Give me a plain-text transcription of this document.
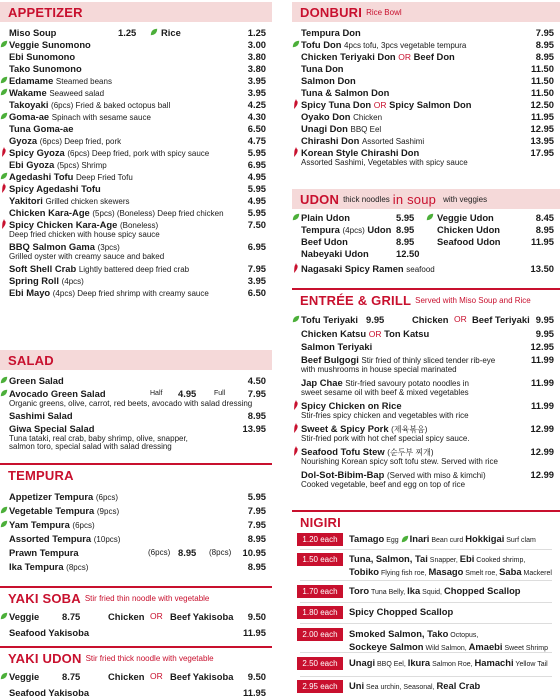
APPETIZER
Miso Soup	1.25	Rice	1.25
Veggie Sunomono	3.00
Ebi Sunomono	3.80
Tako Sunomono	3.80
Edamame Steamed beans	3.95
Wakame Seaweed salad	3.95
Takoyaki (6pcs) Fried & baked octopus ball	4.25
Goma-ae Spinach with sesame sauce	4.30
Tuna Goma-ae	6.50
Gyoza (6pcs) Deep fried, pork	4.75
Spicy Gyoza (6pcs) Deep fried, pork with spicy sauce	5.95
Ebi Gyoza (5pcs) Shrimp	6.95
Agedashi Tofu Deep Fried Tofu	4.95
Spicy Agedashi Tofu	5.95
Yakitori Grilled chicken skewers	4.95
Chicken Kara-Age (5pcs) (Boneless) Deep fried chicken	5.95
Spicy Chicken Kara-Age (Boneless)	7.50
Deep fried chicken with house spicy sauce
BBQ Salmon Gama (3pcs)	6.95
Grilled oyster with creamy sauce and baked
Soft Shell Crab Lightly battered deep fried crab	7.95
Spring Roll (4pcs)	3.95
Ebi Mayo (4pcs) Deep fried shrimp with creamy sauce	6.50
SALAD
Green Salad	4.50
Avocado Green Salad	Half 4.95	Full 7.95
Organic greens, olive, carrot, red beets, avocado with salad dressing
Sashimi Salad	8.95
Giwa Special Salad	13.95
Tuna tataki, real crab, baby shrimp, olive, snapper,
salmon toro, special salad with salad dressing
TEMPURA
Appetizer Tempura (6pcs)	5.95
Vegetable Tempura (9pcs)	7.95
Yam Tempura (6pcs)	7.95
Assorted Tempura (10pcs)	8.95
Prawn Tempura	(6pcs) 8.95 (8pcs) 10.95
Ika Tempura (8pcs)	8.95
YAKI SOBA Stir fried thin noodle with vegetable
Veggie 8.75	Chicken OR Beef Yakisoba 9.50
Seafood Yakisoba	11.95
YAKI UDON Stir fried thick noodle with vegetable
Veggie 8.75	Chicken OR Beef Yakisoba 9.50
Seafood Yakisoba	11.95
DONBURI Rice Bowl
Tempura Don	7.95
Tofu Don 4pcs tofu, 3pcs vegetable tempura	8.95
Chicken Teriyaki Don OR Beef Don	8.95
Tuna Don	11.50
Salmon Don	11.50
Tuna & Salmon Don	11.50
Spicy Tuna Don OR Spicy Salmon Don	12.50
Oyako Don Chicken	11.95
Unagi Don BBQ Eel	12.95
Chirashi Don Assorted Sashimi	13.95
Korean Style Chirashi Don	17.95
Assorted Sashimi, Vegetables with spicy sauce
UDON thick noodles in soup with veggies
Plain Udon	5.95 Veggie Udon	8.45
Tempura (4pcs) Udon 8.95 Chicken Udon	8.95
Beef Udon	8.95 Seafood Udon	11.95
Nabeyaki Udon	12.50
Nagasaki Spicy Ramen seafood	13.50
ENTRÉE & GRILL Served with Miso Soup and Rice
Tofu Teriyaki 9.95	Chicken OR Beef Teriyaki 9.95
Chicken Katsu OR Ton Katsu	9.95
Salmon Teriyaki	12.95
Beef Bulgogi Stir fried of thinly sliced tender rib-eye	11.99
with mushrooms in house special marinated
Jap Chae Stir-fried savoury potato noodles in	11.99
sweet sesame oil with beef & mixed vegetables
Spicy Chicken on Rice	11.99
Stir-fries spicy chicken and vegetables with rice
Sweet & Spicy Pork (제육볶음)	12.99
Stir-fried pork with hot chef special spicy sauce.
Seafood Tofu Stew (순두부 찌개)	12.99
Nourishing Korean spicy soft tofu stew. Served with rice
Dol-Sot-Bibim-Bap (Served with miso & kimchi)	12.99
Cooked vegetable, beef and egg on top of rice
NIGIRI
1.20 each	Tamago Egg Inari Bean curd Hokkigai Surf clam
1.50 each	Tuna, Salmon, Tai Snapper, Ebi Cooked shrimp,
Tobiko Flying fish roe, Masago Smelt roe, Saba Mackerel
1.70 each	Toro Tuna Belly, Ika Squid, Chopped Scallop
1.80 each	Spicy Chopped Scallop
2.00 each	Smoked Salmon, Tako Octopus,
Sockeye Salmon Wild Salmon, Amaebi Sweet Shrimp
2.50 each	Unagi BBQ Eel, Ikura Salmon Roe, Hamachi Yellow Tail
2.95 each	Uni Sea urchin, Seasonal, Real Crab
